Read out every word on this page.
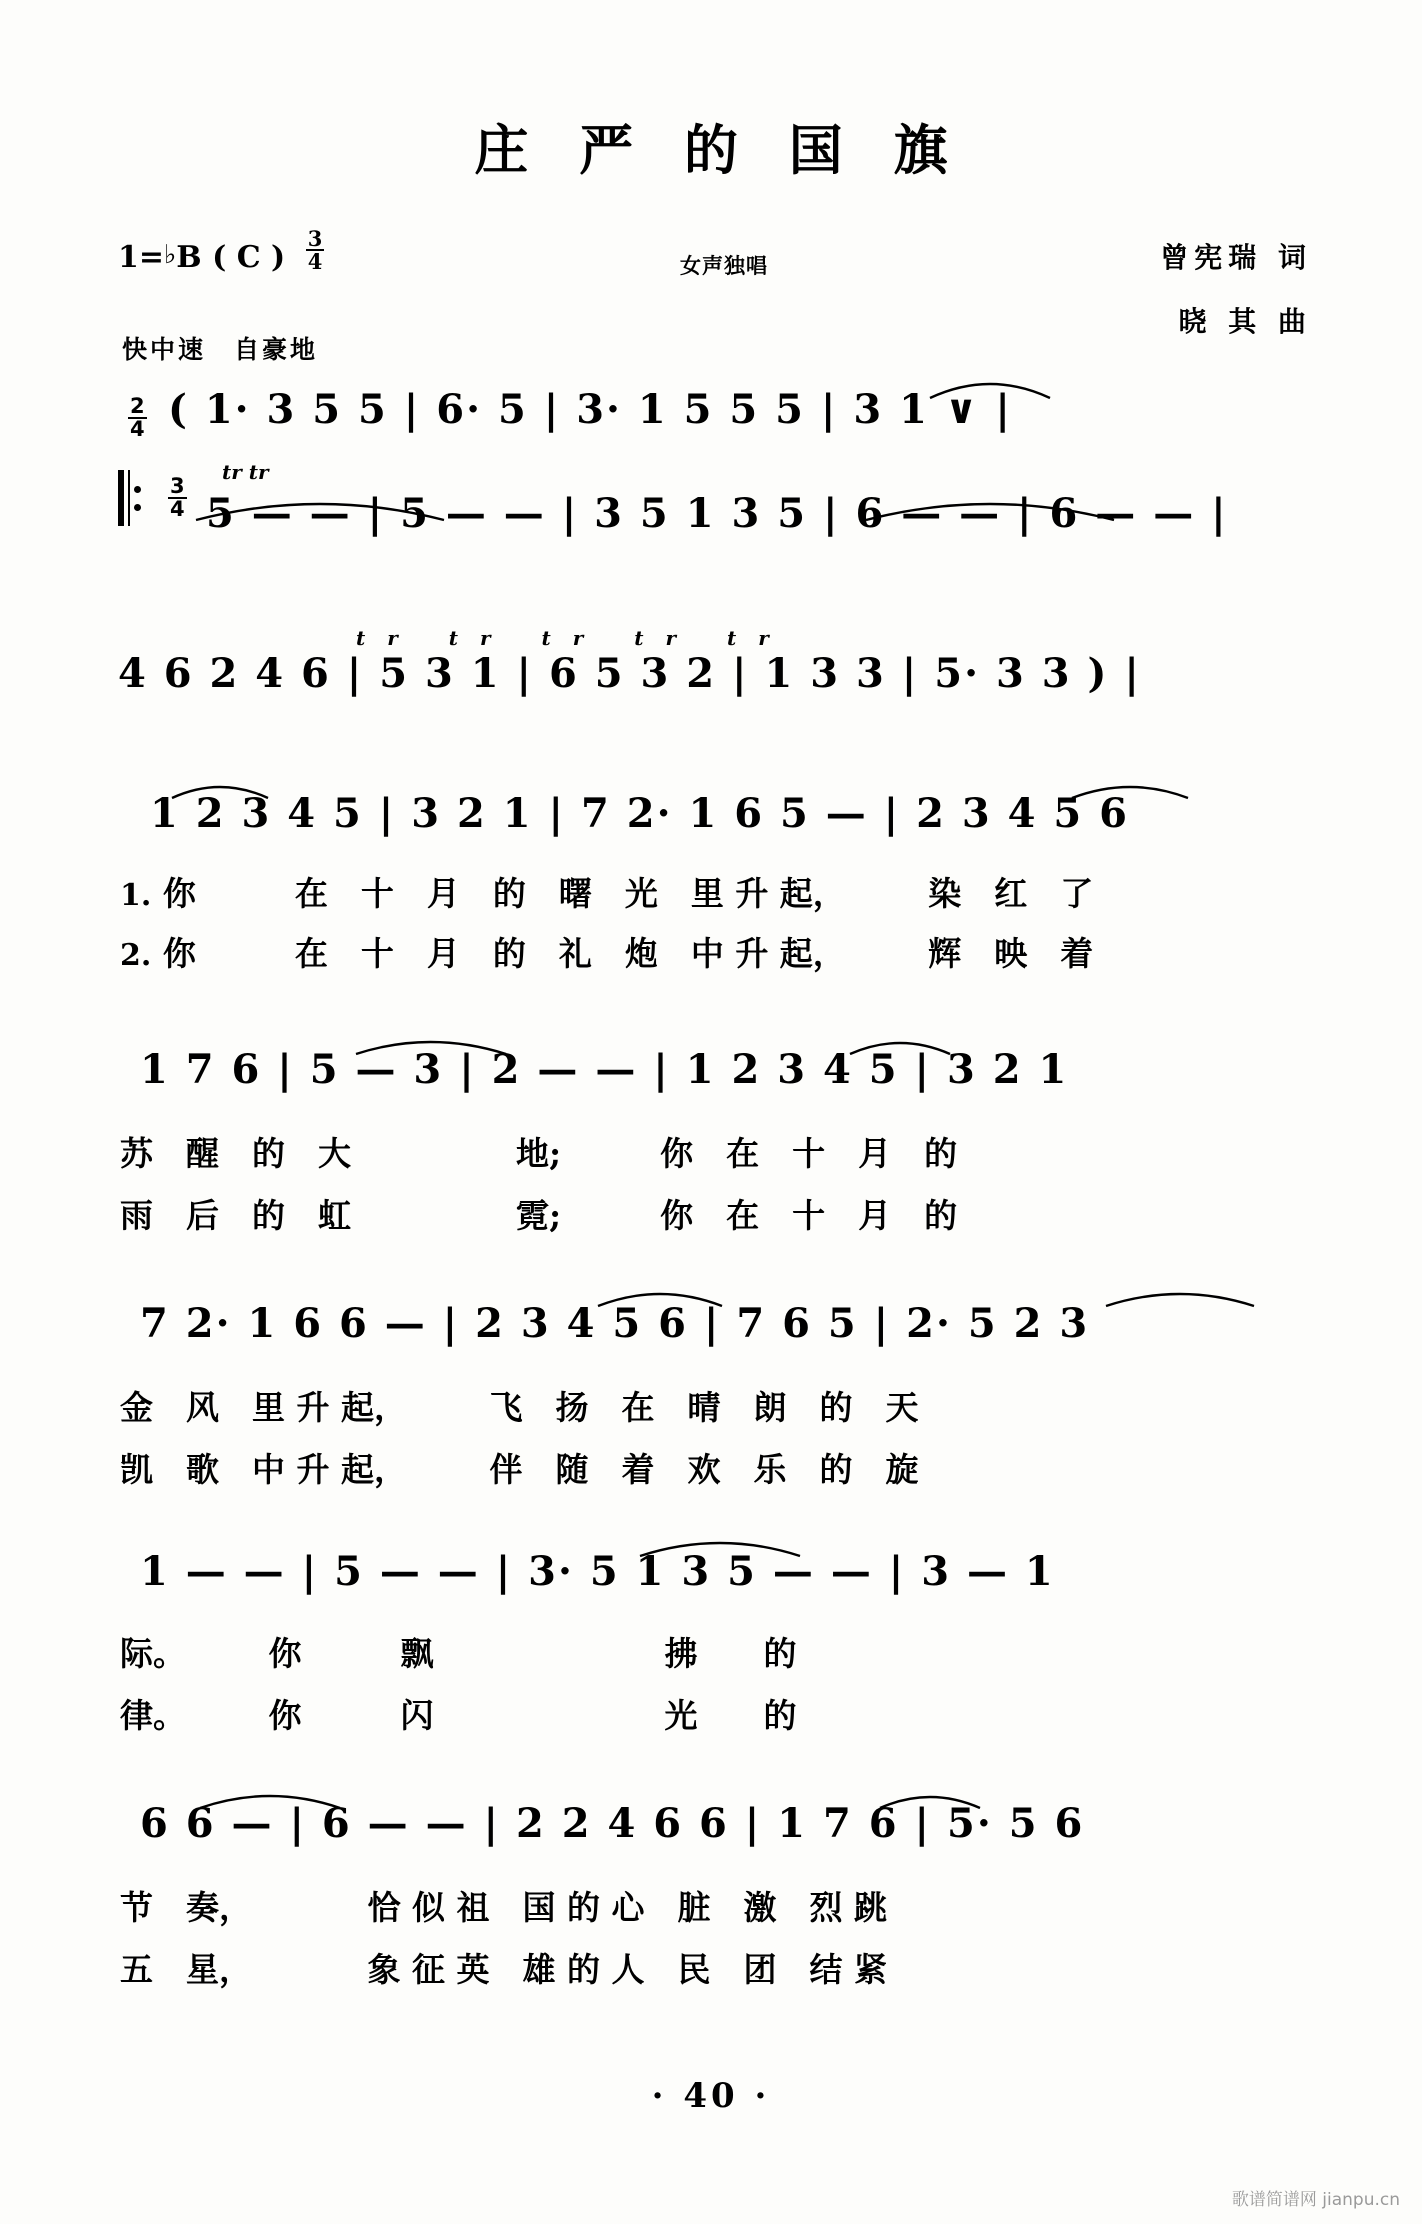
庄 严 的 国 旗
1=♭B ( C ) $\frac{3}{4}$	女声独唱	曾宪瑞 词
晓 其 曲
快中速　自豪地
$\frac{2}{4}$ ( 1· 3 5 5 | 6· 5 | 3· 1 5 5 5 | 3 1 ∨ |
$\frac{3}{4}$
tr tr
5 — — | 5 — — | 3 5 1 3 5 | 6 — — | 6 — — |
tr tr tr tr tr
4 6 2 4 6 | 5 3 1 | 6 5 3 2 | 1 3 3 | 5· 3 3 ) |
1 2 3 4 5 | 3 2 1 | 7 2· 1 6 5 — | 2 3 4 5 6
1. 你　　　在　十　月　的　曙　光　里 升 起，　　　染　红　了
2. 你　　　在　十　月　的　礼　炮　中 升 起，　　　辉　映　着
1 7 6 | 5 — 3 | 2 — — | 1 2 3 4 5 | 3 2 1
苏　醒　的　大　　　　　地;　　　你　在　十　月　的
雨　后　的　虹　　　　　霓;　　　你　在　十　月　的
7 2· 1 6 6 — | 2 3 4 5 6 | 7 6 5 | 2· 5 2 3
金　风　里 升 起，　　　飞　扬　在　晴　朗　的　天
凯　歌　中 升 起，　　　伴　随　着　欢　乐　的　旋
1 — — | 5 — — | 3· 5 1 3 5 — — | 3 — 1
际。　　　你　　　飘　　　　　　　拂　　的
律。　　　你　　　闪　　　　　　　光　　的
6 6 — | 6 — — | 2 2 4 6 6 | 1 7 6 | 5· 5 6
节　奏，　　　　恰 似 祖　国 的 心　脏　激　烈 跳
五　星，　　　　象 征 英　雄 的 人　民　团　结 紧
· 40 ·
歌谱简谱网 jianpu.cn
